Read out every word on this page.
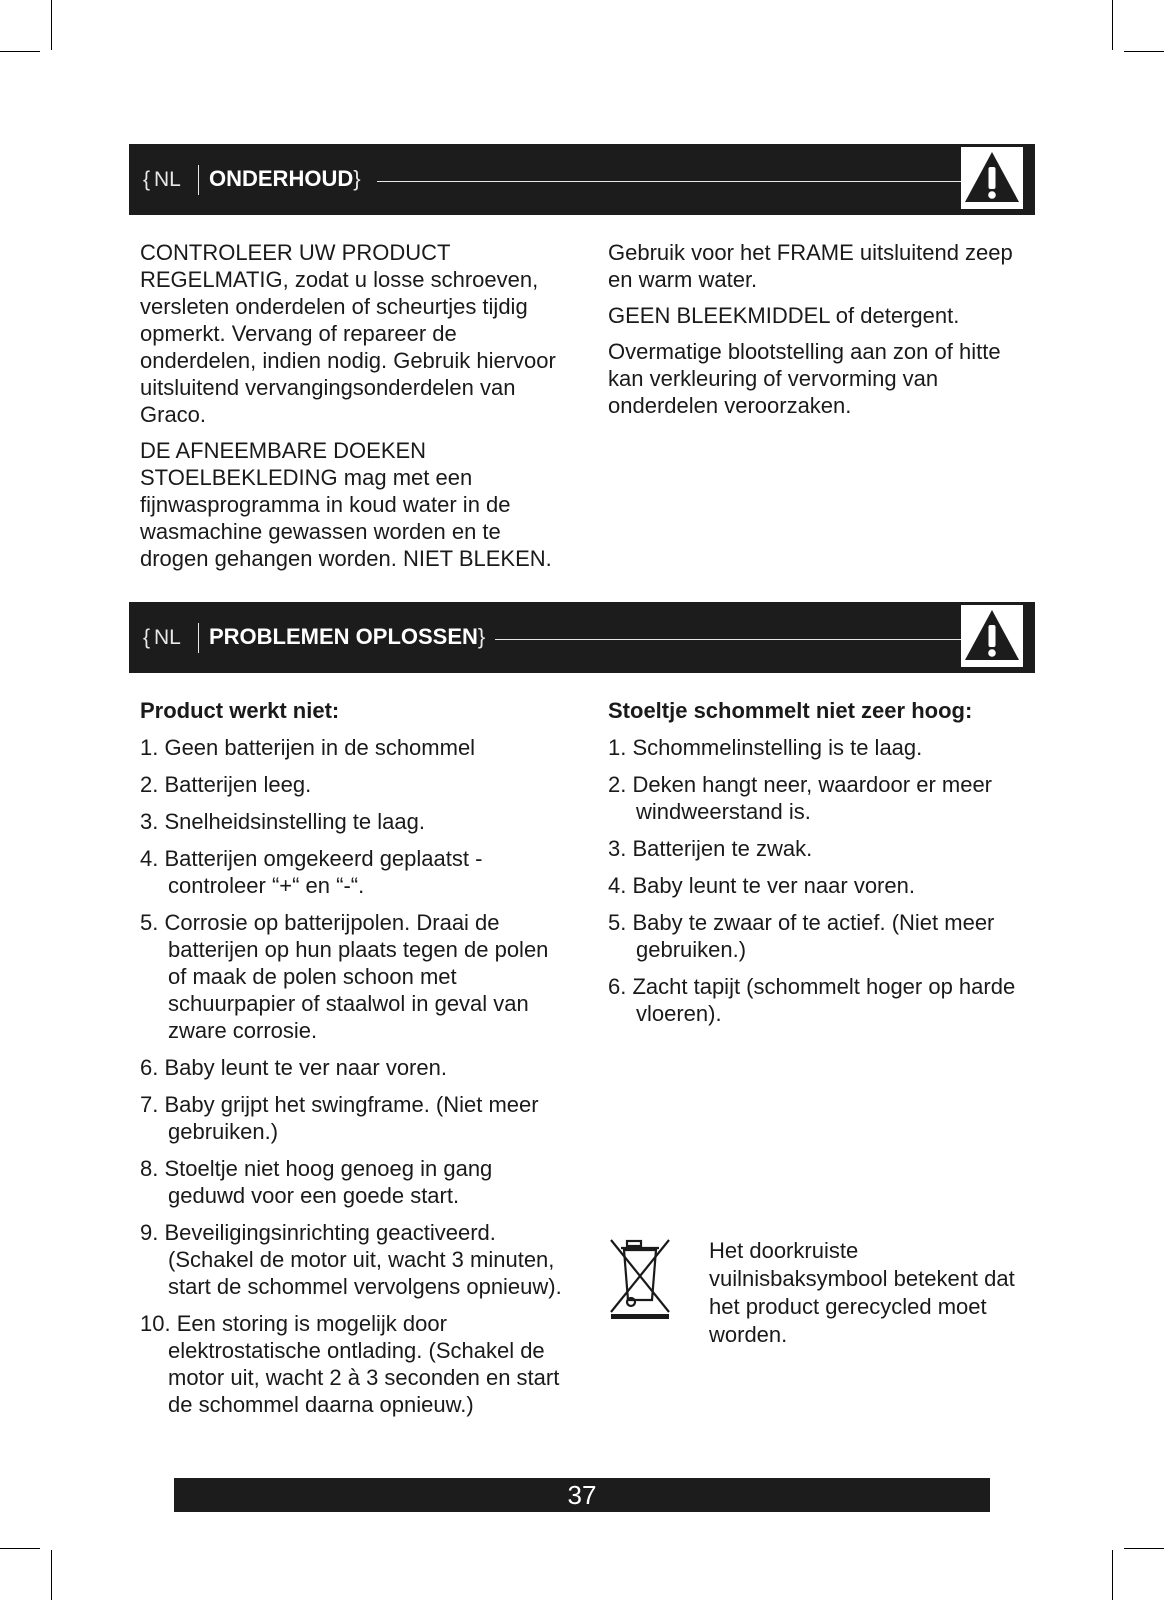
{ NL ONDERHOUD}

CONTROLEER UW PRODUCT REGELMATIG, zodat u losse schroeven, versleten onderdelen of scheurtjes tijdig opmerkt. Vervang of repareer de onderdelen, indien nodig. Gebruik hiervoor uitsluitend vervangingsonderdelen van Graco.

DE AFNEEMBARE DOEKEN STOELBEKLEDING mag met een fijnwasprogramma in koud water in de wasmachine gewassen worden en te drogen gehangen worden. NIET BLEKEN.

Gebruik voor het FRAME uitsluitend zeep en warm water.

GEEN BLEEKMIDDEL of detergent.

Overmatige blootstelling aan zon of hitte kan verkleuring of vervorming van onderdelen veroorzaken.

{ NL PROBLEMEN OPLOSSEN}
Product werkt niet:
1. Geen batterijen in de schommel
2. Batterijen leeg.
3. Snelheidsinstelling te laag.
4. Batterijen omgekeerd geplaatst - controleer “+“ en “-“.
5. Corrosie op batterijpolen. Draai de batterijen op hun plaats tegen de polen of maak de polen schoon met schuurpapier of staalwol in geval van zware corrosie.
6. Baby leunt te ver naar voren.
7. Baby grijpt het swingframe. (Niet meer gebruiken.)
8. Stoeltje niet hoog genoeg in gang geduwd voor een goede start.
9. Beveiligingsinrichting geactiveerd. (Schakel de motor uit, wacht 3 minuten, start de schommel vervolgens opnieuw).
10. Een storing is mogelijk door elektrostatische ontlading. (Schakel de motor uit, wacht 2 à 3 seconden en start de schommel daarna opnieuw.)
Stoeltje schommelt niet zeer hoog:
1. Schommelinstelling is te laag.
2. Deken hangt neer, waardoor er meer windweerstand is.
3. Batterijen te zwak.
4. Baby leunt te ver naar voren.
5. Baby te zwaar of te actief. (Niet meer gebruiken.)
6. Zacht tapijt (schommelt hoger op harde vloeren).
Het doorkruiste vuilnisbaksymbool betekent dat het product gerecycled moet worden.
37
